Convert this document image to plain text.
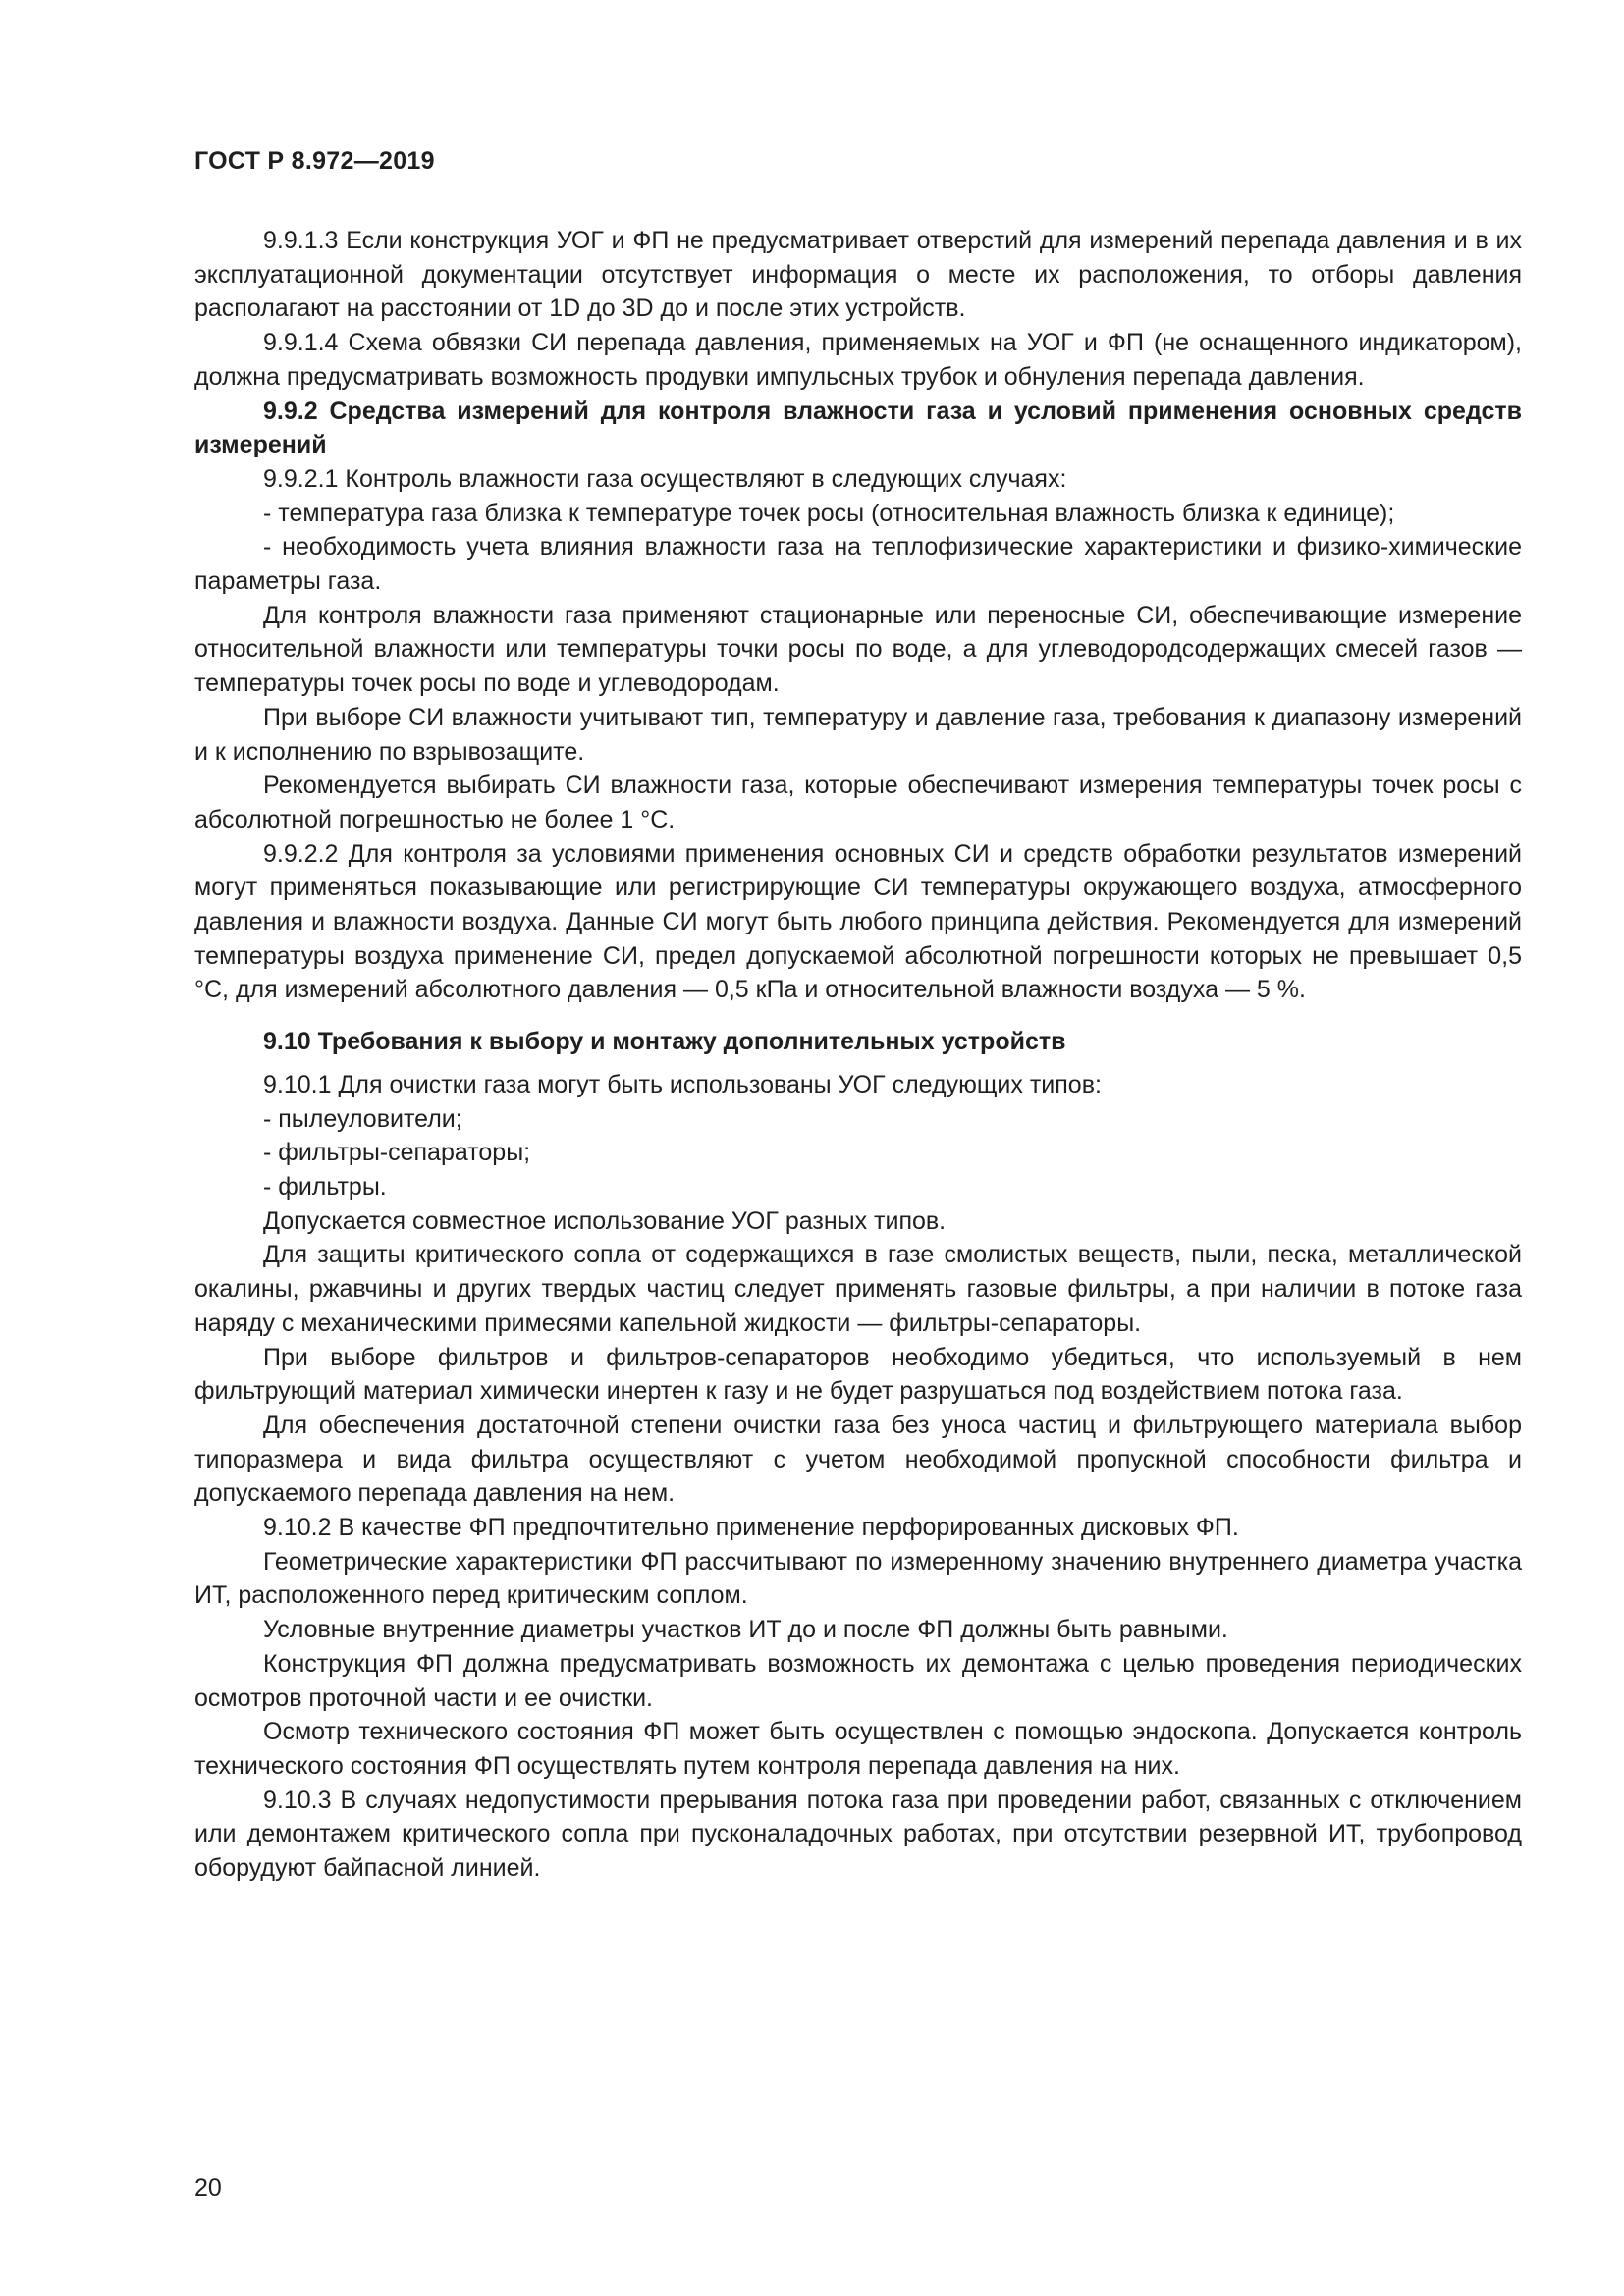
ГОСТ Р 8.972—2019

9.9.1.3 Если конструкция УОГ и ФП не предусматривает отверстий для измерений перепада давления и в их эксплуатационной документации отсутствует информация о месте их расположения, то отборы давления располагают на расстоянии от 1D до 3D до и после этих устройств.

9.9.1.4 Схема обвязки СИ перепада давления, применяемых на УОГ и ФП (не оснащенного индикатором), должна предусматривать возможность продувки импульсных трубок и обнуления перепада давления.

9.9.2 Средства измерений для контроля влажности газа и условий применения основных средств измерений

9.9.2.1 Контроль влажности газа осуществляют в следующих случаях:

- температура газа близка к температуре точек росы (относительная влажность близка к единице);

- необходимость учета влияния влажности газа на теплофизические характеристики и физико-химические параметры газа.

Для контроля влажности газа применяют стационарные или переносные СИ, обеспечивающие измерение относительной влажности или температуры точки росы по воде, а для углеводородсодержащих смесей газов — температуры точек росы по воде и углеводородам.

При выборе СИ влажности учитывают тип, температуру и давление газа, требования к диапазону измерений и к исполнению по взрывозащите.

Рекомендуется выбирать СИ влажности газа, которые обеспечивают измерения температуры точек росы с абсолютной погрешностью не более 1 °С.

9.9.2.2 Для контроля за условиями применения основных СИ и средств обработки результатов измерений могут применяться показывающие или регистрирующие СИ температуры окружающего воздуха, атмосферного давления и влажности воздуха. Данные СИ могут быть любого принципа действия. Рекомендуется для измерений температуры воздуха применение СИ, предел допускаемой абсолютной погрешности которых не превышает 0,5 °С, для измерений абсолютного давления — 0,5 кПа и относительной влажности воздуха — 5 %.

9.10 Требования к выбору и монтажу дополнительных устройств

9.10.1 Для очистки газа могут быть использованы УОГ следующих типов:

- пылеуловители;

- фильтры-сепараторы;

- фильтры.

Допускается совместное использование УОГ разных типов.

Для защиты критического сопла от содержащихся в газе смолистых веществ, пыли, песка, металлической окалины, ржавчины и других твердых частиц следует применять газовые фильтры, а при наличии в потоке газа наряду с механическими примесями капельной жидкости — фильтры-сепараторы.

При выборе фильтров и фильтров-сепараторов необходимо убедиться, что используемый в нем фильтрующий материал химически инертен к газу и не будет разрушаться под воздействием потока газа.

Для обеспечения достаточной степени очистки газа без уноса частиц и фильтрующего материала выбор типоразмера и вида фильтра осуществляют с учетом необходимой пропускной способности фильтра и допускаемого перепада давления на нем.

9.10.2 В качестве ФП предпочтительно применение перфорированных дисковых ФП.

Геометрические характеристики ФП рассчитывают по измеренному значению внутреннего диаметра участка ИТ, расположенного перед критическим соплом.

Условные внутренние диаметры участков ИТ до и после ФП должны быть равными.

Конструкция ФП должна предусматривать возможность их демонтажа с целью проведения периодических осмотров проточной части и ее очистки.

Осмотр технического состояния ФП может быть осуществлен с помощью эндоскопа. Допускается контроль технического состояния ФП осуществлять путем контроля перепада давления на них.

9.10.3 В случаях недопустимости прерывания потока газа при проведении работ, связанных с отключением или демонтажем критического сопла при пусконаладочных работах, при отсутствии резервной ИТ, трубопровод оборудуют байпасной линией.

20
